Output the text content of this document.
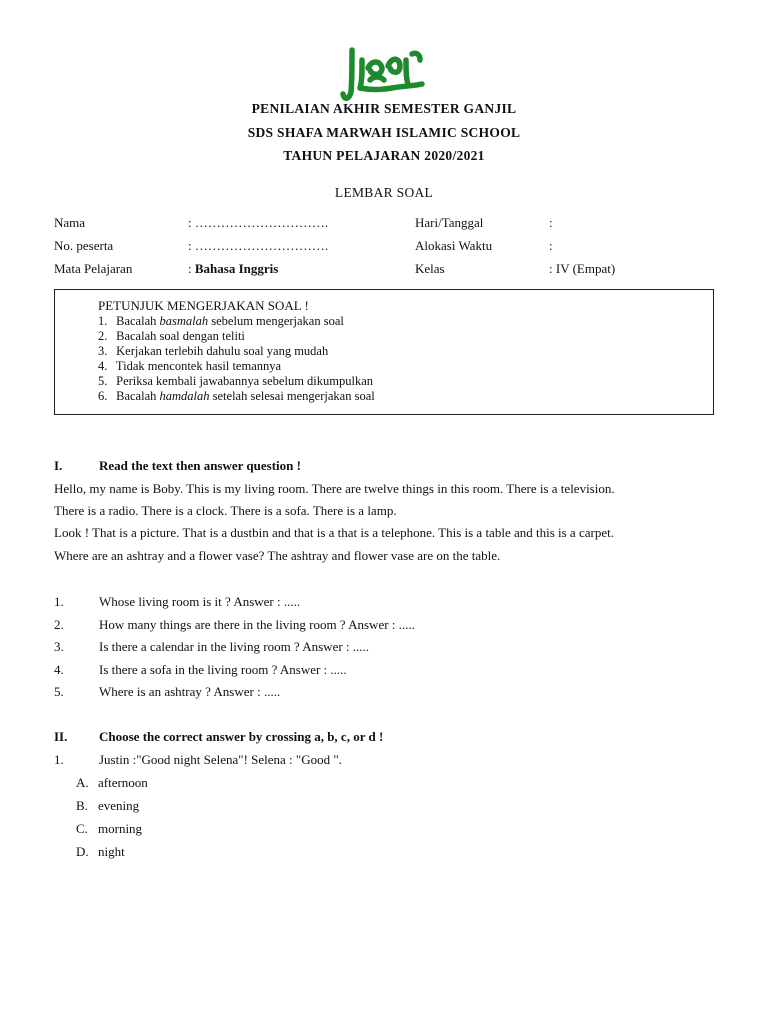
PENILAIAN AKHIR SEMESTER GANJIL
SDS SHAFA MARWAH ISLAMIC SCHOOL
TAHUN PELAJARAN 2020/2021
LEMBAR SOAL
Nama	: ………………………….	Hari/Tanggal	:
No. peserta	: ………………………….	Alokasi Waktu	:
Mata Pelajaran	: Bahasa Inggris	Kelas	: IV (Empat)
PETUNJUK MENGERJAKAN SOAL !
1. Bacalah basmalah sebelum mengerjakan soal
2. Bacalah soal dengan teliti
3. Kerjakan terlebih dahulu soal yang mudah
4. Tidak mencontek hasil temannya
5. Periksa kembali jawabannya sebelum dikumpulkan
6. Bacalah hamdalah setelah selesai mengerjakan soal
I.	Read the text then answer question !
Hello, my name is Boby. This is my living room. There are twelve things in this room. There is a television.
There is a radio. There is a clock. There is a sofa. There is a lamp.
Look ! That is a picture. That is a dustbin and that is a that is a telephone. This is a table and this is a carpet.
Where are an ashtray and a flower vase? The ashtray and flower vase are on the table.
1.	Whose living room is it ? Answer : .....
2.	How many things are there in the living room ? Answer : .....
3.	Is there a calendar in the living room ? Answer : .....
4.	Is there a sofa in the living room ? Answer : .....
5.	Where is an ashtray ? Answer : .....
II. Choose the correct answer by crossing a, b, c, or d !
1.	Justin :"Good night Selena"! Selena : "Good ".
A. afternoon
B. evening
C. morning
D. night
